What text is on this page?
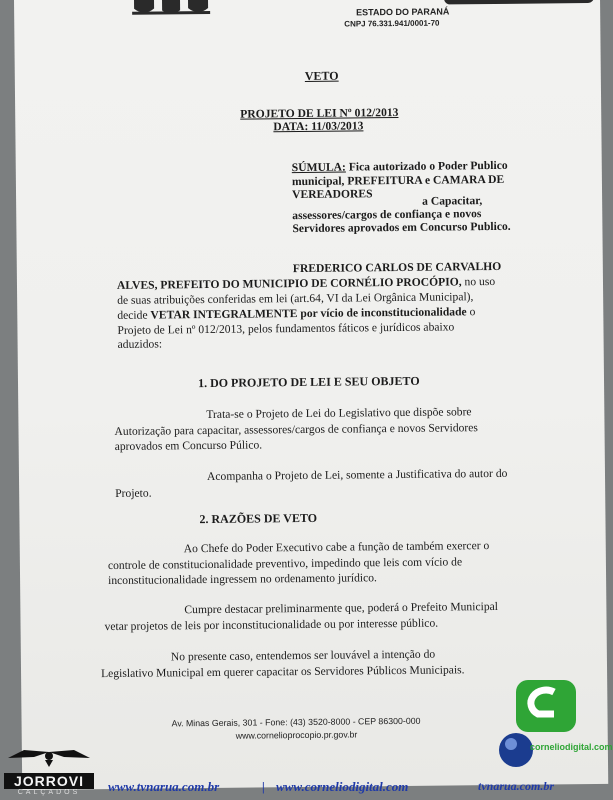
ESTADO DO PARANÁ
CNPJ 76.331.941/0001-70
VETO
PROJETO DE LEI Nº 012/2013
DATA: 11/03/2013
SÚMULA: Fica autorizado o Poder Publico
municipal, PREFEITURA e CAMARA DE
VEREADORES	a Capacitar,
assessores/cargos de confiança e novos
Servidores aprovados em Concurso Publico.
FREDERICO CARLOS DE CARVALHO
ALVES, PREFEITO DO MUNICIPIO DE CORNÉLIO PROCÓPIO, no uso
de suas atribuições conferidas em lei (art.64, VI da Lei Orgânica Municipal),
decide VETAR INTEGRALMENTE por vício de inconstitucionalidade o
Projeto de Lei nº 012/2013, pelos fundamentos fáticos e jurídicos abaixo
aduzidos:
1. DO PROJETO DE LEI E SEU OBJETO
Trata-se o Projeto de Lei do Legislativo que dispõe sobre
Autorização para capacitar, assessores/cargos de confiança e novos Servidores
aprovados em Concurso Púlico.
Acompanha o Projeto de Lei, somente a Justificativa do autor do
Projeto.
2. RAZÕES DE VETO
Ao Chefe do Poder Executivo cabe a função de também exercer o
controle de constitucionalidade preventivo, impedindo que leis com vício de
inconstitucionalidade ingressem no ordenamento jurídico.
Cumpre destacar preliminarmente que, poderá o Prefeito Municipal
vetar projetos de leis por inconstitucionalidade ou por interesse público.
No presente caso, entendemos ser louvável a intenção do
Legislativo Municipal em querer capacitar os Servidores Públicos Municipais.
Av. Minas Gerais, 301 - Fone: (43) 3520-8000 - CEP 86300-000
www.cornelioprocopio.pr.gov.br
JORROVI
CALÇADOS
corneliodigital.com
www.tvnarua.com.br	| www.corneliodigital.com	tvnarua.com.br
